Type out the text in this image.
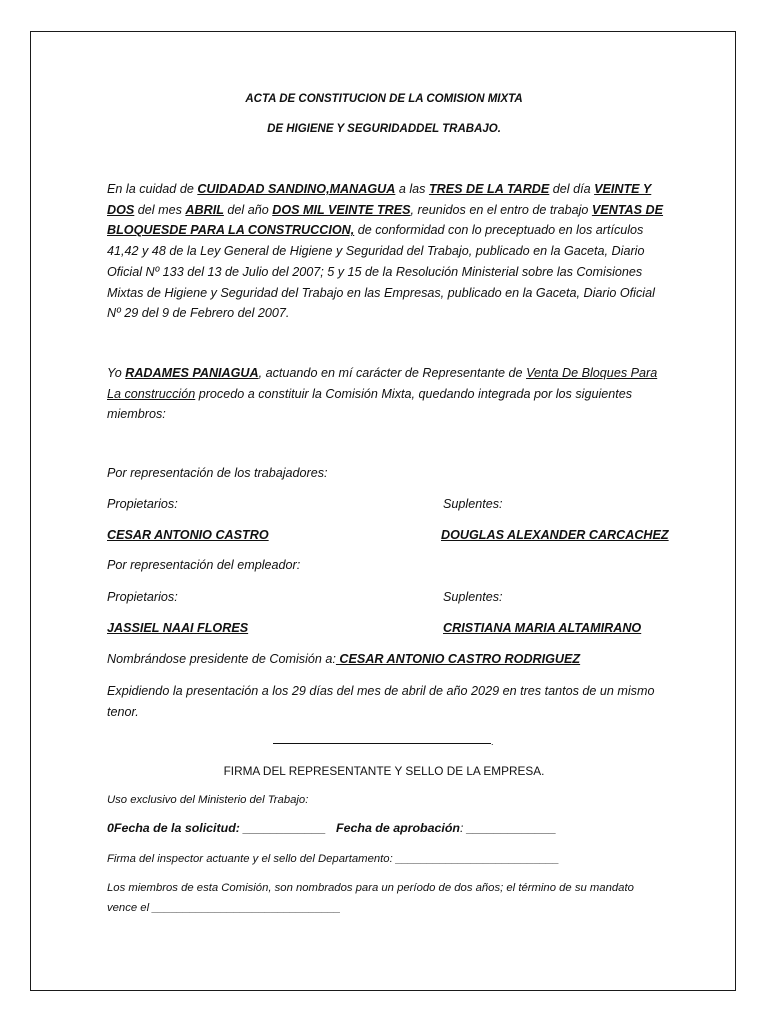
ACTA DE CONSTITUCION DE LA COMISION MIXTA
DE HIGIENE Y SEGURIDADDEL TRABAJO.
En la cuidad de CUIDADAD SANDINO,MANAGUA a las TRES DE LA TARDE del día VEINTE Y DOS del mes ABRIL del año DOS MIL VEINTE TRES, reunidos en el entro de trabajo VENTAS DE BLOQUESDE PARA LA CONSTRUCCION, de conformidad con lo preceptuado en los artículos 41,42 y 48 de la Ley General de Higiene y Seguridad del Trabajo, publicado en la Gaceta, Diario Oficial Nº 133 del 13 de Julio del 2007; 5 y 15 de la Resolución Ministerial sobre las Comisiones Mixtas de Higiene y Seguridad del Trabajo en las Empresas, publicado en la Gaceta, Diario Oficial Nº 29 del 9 de Febrero del 2007.
Yo RADAMES PANIAGUA, actuando en mí carácter de Representante de Venta De Bloques Para La construcción procedo a constituir la Comisión Mixta, quedando integrada por los siguientes miembros:
Por representación de los trabajadores:
Propietarios:	Suplentes:
CESAR ANTONIO CASTRO	DOUGLAS ALEXANDER CARCACHEZ
Por representación del empleador:
Propietarios:	Suplentes:
JASSIEL NAAI FLORES	CRISTIANA MARIA ALTAMIRANO
Nombrándose presidente de Comisión a: CESAR ANTONIO CASTRO RODRIGUEZ
Expidiendo la presentación a los 29 días del mes de abril de año 2029 en tres tantos de un mismo tenor.
.
FIRMA DEL REPRESENTANTE Y SELLO DE LA EMPRESA.
Uso exclusivo del Ministerio del Trabajo:
0Fecha de la solicitud: ____________ Fecha de aprobación: _____________
Firma del inspector actuante y el sello del Departamento: __________________________
Los miembros de esta Comisión, son nombrados para un período de dos años; el término de su mandato vence el ______________________________
